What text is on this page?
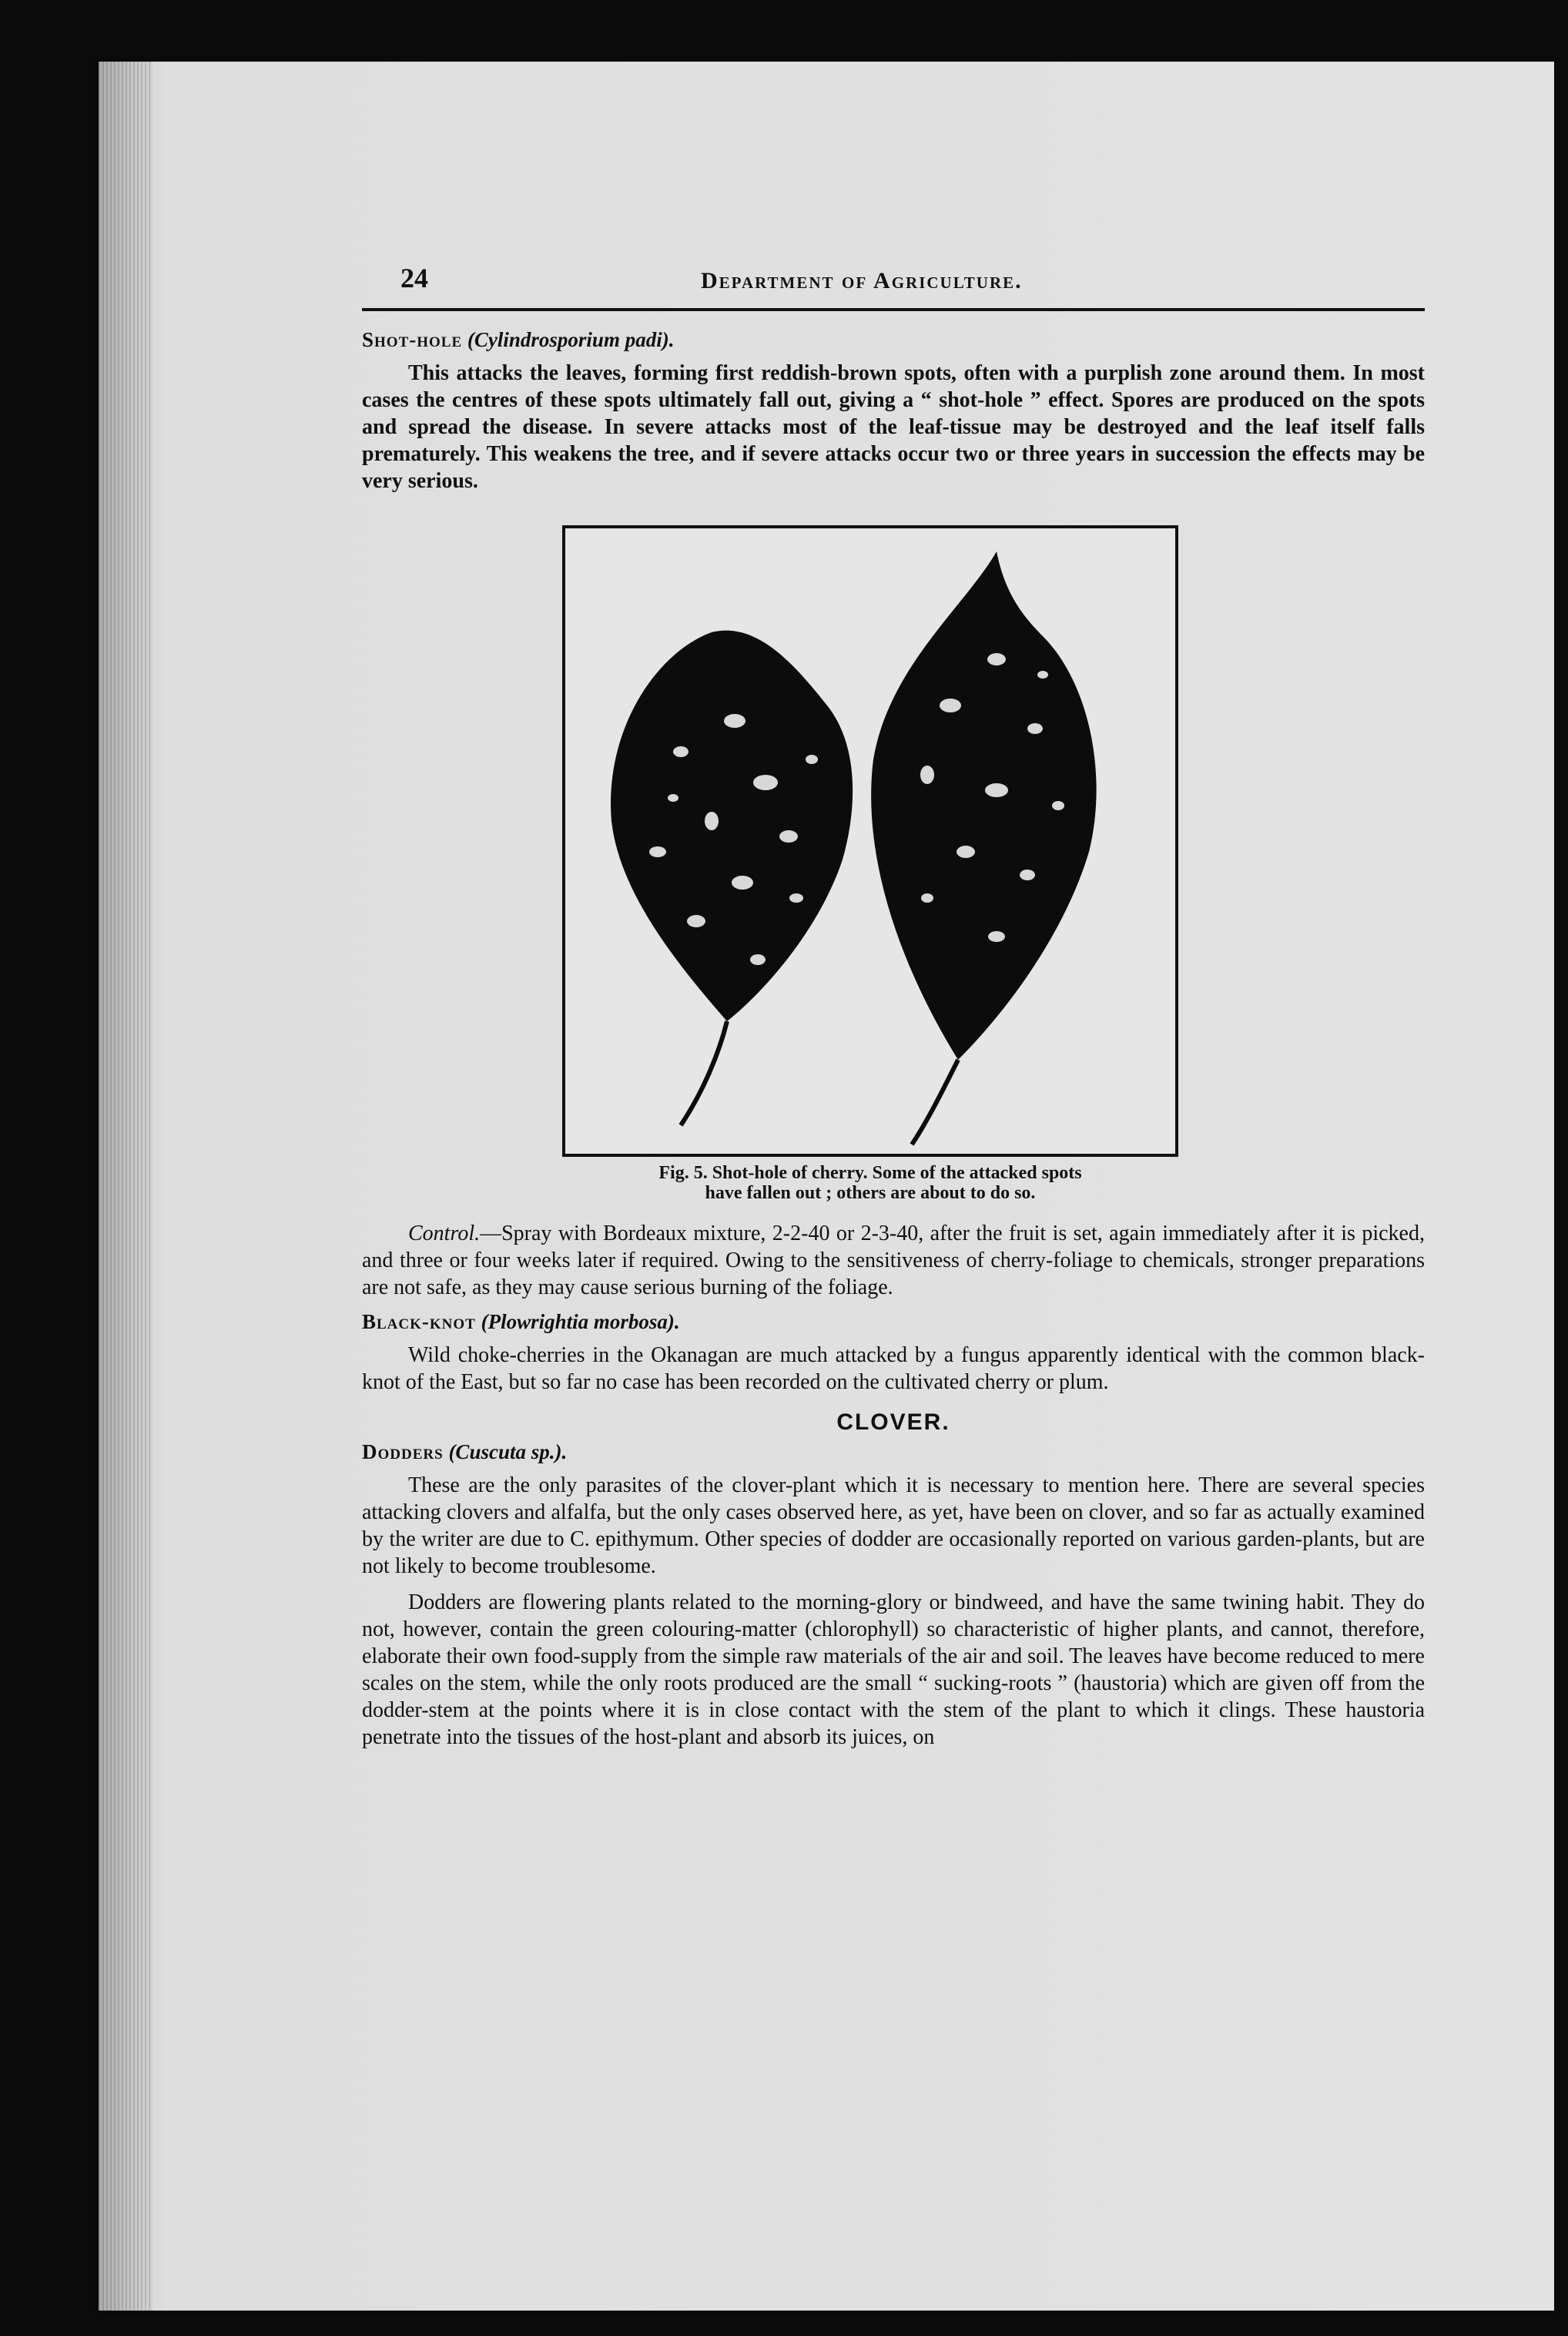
24	Department of Agriculture.
Shot-hole (Cylindrosporium padi).

This attacks the leaves, forming first reddish-brown spots, often with a purplish zone around them. In most cases the centres of these spots ultimately fall out, giving a “ shot-hole ” effect. Spores are produced on the spots and spread the disease. In severe attacks most of the leaf-tissue may be destroyed and the leaf itself falls prematurely. This weakens the tree, and if severe attacks occur two or three years in succession the effects may be very serious.

Fig. 5. Shot-hole of cherry. Some of the attacked spots
have fallen out ; others are about to do so.

Control.—Spray with Bordeaux mixture, 2-2-40 or 2-3-40, after the fruit is set, again immediately after it is picked, and three or four weeks later if required. Owing to the sensitiveness of cherry-foliage to chemicals, stronger preparations are not safe, as they may cause serious burning of the foliage.

Black-knot (Plowrightia morbosa).

Wild choke-cherries in the Okanagan are much attacked by a fungus apparently identical with the common black-knot of the East, but so far no case has been recorded on the cultivated cherry or plum.

CLOVER.
Dodders (Cuscuta sp.).

These are the only parasites of the clover-plant which it is necessary to mention here. There are several species attacking clovers and alfalfa, but the only cases observed here, as yet, have been on clover, and so far as actually examined by the writer are due to C. epithymum. Other species of dodder are occasionally reported on various garden-plants, but are not likely to become troublesome.

Dodders are flowering plants related to the morning-glory or bindweed, and have the same twining habit. They do not, however, contain the green colouring-matter (chlorophyll) so characteristic of higher plants, and cannot, therefore, elaborate their own food-supply from the simple raw materials of the air and soil. The leaves have become reduced to mere scales on the stem, while the only roots produced are the small “ sucking-roots ” (haustoria) which are given off from the dodder-stem at the points where it is in close contact with the stem of the plant to which it clings. These haustoria penetrate into the tissues of the host-plant and absorb its juices, on
